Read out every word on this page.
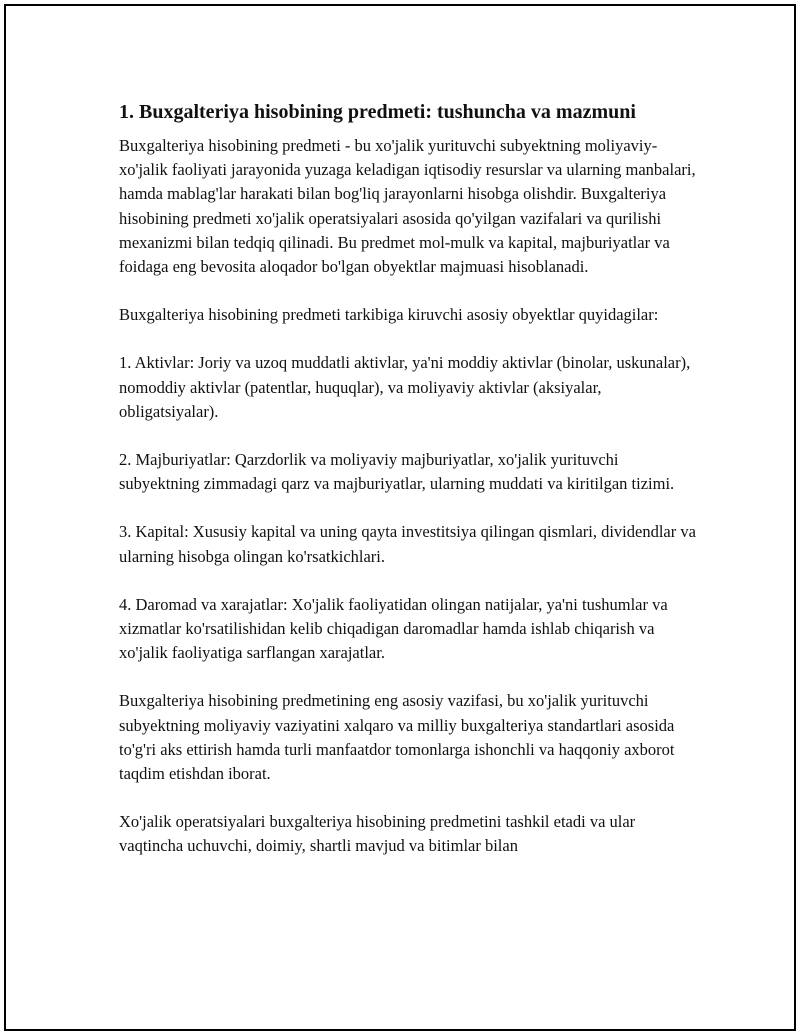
1. Buxgalteriya hisobining predmeti: tushuncha va mazmuni

Buxgalteriya hisobining predmeti - bu xo'jalik yurituvchi subyektning moliyaviy-xo'jalik faoliyati jarayonida yuzaga keladigan iqtisodiy resurslar va ularning manbalari, hamda mablag'lar harakati bilan bog'liq jarayonlarni hisobga olishdir. Buxgalteriya hisobining predmeti xo'jalik operatsiyalari asosida qo'yilgan vazifalari va qurilishi mexanizmi bilan tedqiq qilinadi. Bu predmet mol-mulk va kapital, majburiyatlar va foidaga eng bevosita aloqador bo'lgan obyektlar majmuasi hisoblanadi.

Buxgalteriya hisobining predmeti tarkibiga kiruvchi asosiy obyektlar quyidagilar:

1. Aktivlar: Joriy va uzoq muddatli aktivlar, ya'ni moddiy aktivlar (binolar, uskunalar), nomoddiy aktivlar (patentlar, huquqlar), va moliyaviy aktivlar (aksiyalar, obligatsiyalar).

2. Majburiyatlar: Qarzdorlik va moliyaviy majburiyatlar, xo'jalik yurituvchi subyektning zimmadagi qarz va majburiyatlar, ularning muddati va kiritilgan tizimi.

3. Kapital: Xususiy kapital va uning qayta investitsiya qilingan qismlari, dividendlar va ularning hisobga olingan ko'rsatkichlari.

4. Daromad va xarajatlar: Xo'jalik faoliyatidan olingan natijalar, ya'ni tushumlar va xizmatlar ko'rsatilishidan kelib chiqadigan daromadlar hamda ishlab chiqarish va xo'jalik faoliyatiga sarflangan xarajatlar.

Buxgalteriya hisobining predmetining eng asosiy vazifasi, bu xo'jalik yurituvchi subyektning moliyaviy vaziyatini xalqaro va milliy buxgalteriya standartlari asosida to'g'ri aks ettirish hamda turli manfaatdor tomonlarga ishonchli va haqqoniy axborot taqdim etishdan iborat.

Xo'jalik operatsiyalari buxgalteriya hisobining predmetini tashkil etadi va ular vaqtincha uchuvchi, doimiy, shartli mavjud va bitimlar bilan
